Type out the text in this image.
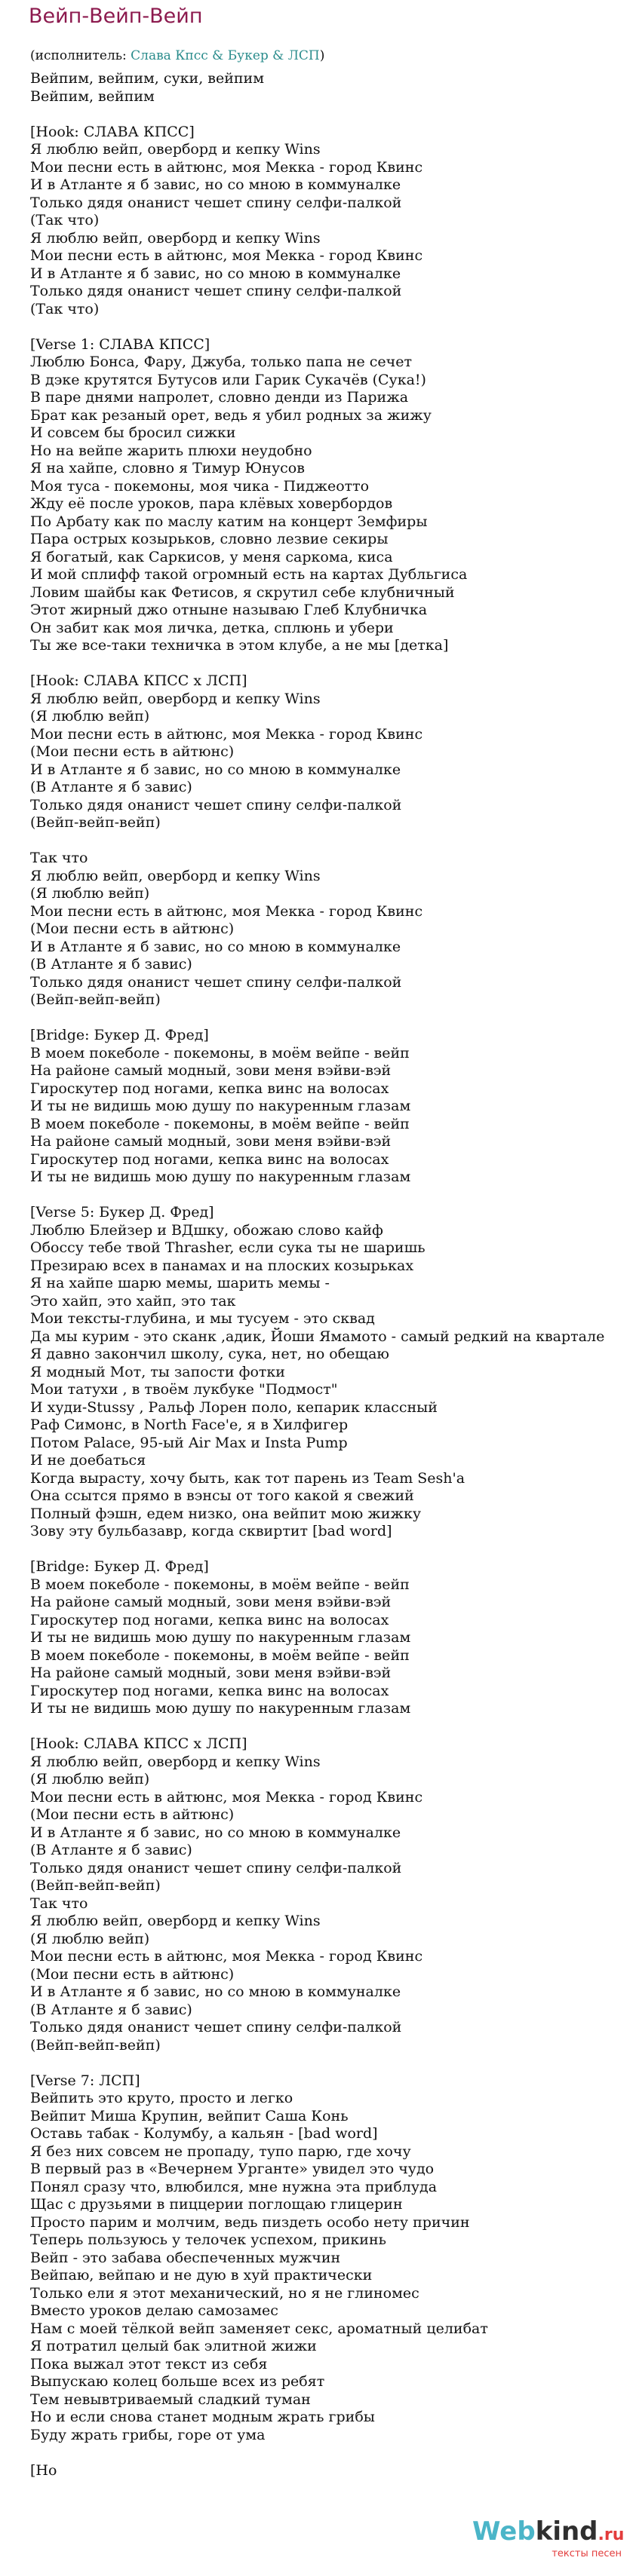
Вейп-Вейп-Вейп
(исполнитель: Слава Кпсс & Букер & ЛСП)
Вейпим, вейпим, суки, вейпим
Вейпим, вейпим
[Hook: СЛАВА КПСС]
Я люблю вейп, оверборд и кепку Wins
Мои песни есть в айтюнс, моя Мекка - город Квинс
И в Атланте я б завис, но со мною в коммуналке
Только дядя онанист чешет спину селфи-палкой
(Так что)
Я люблю вейп, оверборд и кепку Wins
Мои песни есть в айтюнс, моя Мекка - город Квинс
И в Атланте я б завис, но со мною в коммуналке
Только дядя онанист чешет спину селфи-палкой
(Так что)
[Verse 1: СЛАВА КПСС]
Люблю Бонса, Фару, Джуба, только папа не сечет
В дэке крутятся Бутусов или Гарик Сукачёв (Сука!)
В паре днями напролет, словно денди из Парижа
Брат как резаный орет, ведь я убил родных за жижу
И совсем бы бросил сижки
Но на вейпе жарить плюхи неудобно
Я на хайпе, словно я Тимур Юнусов
Моя туса - покемоны, моя чика - Пиджеотто
Жду её после уроков, пара клёвых ховербордов
По Арбату как по маслу катим на концерт Земфиры
Пара острых козырьков, словно лезвие секиры
Я богатый, как Саркисов, у меня саркома, киса
И мой сплифф такой огромный есть на картах Дубльгиса
Ловим шайбы как Фетисов, я скрутил себе клубничный
Этот жирный джо отныне называю Глеб Клубничка
Он забит как моя личка, детка, сплюнь и убери
Ты же все-таки техничка в этом клубе, а не мы [детка]
[Hook: СЛАВА КПСС x ЛСП]
Я люблю вейп, оверборд и кепку Wins
(Я люблю вейп)
Мои песни есть в айтюнс, моя Мекка - город Квинс
(Мои песни есть в айтюнс)
И в Атланте я б завис, но со мною в коммуналке
(В Атланте я б завис)
Только дядя онанист чешет спину селфи-палкой
(Вейп-вейп-вейп)
Так что
Я люблю вейп, оверборд и кепку Wins
(Я люблю вейп)
Мои песни есть в айтюнс, моя Мекка - город Квинс
(Мои песни есть в айтюнс)
И в Атланте я б завис, но со мною в коммуналке
(В Атланте я б завис)
Только дядя онанист чешет спину селфи-палкой
(Вейп-вейп-вейп)
[Bridge: Букер Д. Фред]
В моем покеболе - покемоны, в моём вейпе - вейп
На районе самый модный, зови меня вэйви-вэй
Гироскутер под ногами, кепка винс на волосах
И ты не видишь мою душу по накуренным глазам
В моем покеболе - покемоны, в моём вейпе - вейп
На районе самый модный, зови меня вэйви-вэй
Гироскутер под ногами, кепка винс на волосах
И ты не видишь мою душу по накуренным глазам
[Verse 5: Букер Д. Фред]
Люблю Блейзер и ВДшку, обожаю слово кайф
Обоссу тебе твой Thrasher, если сука ты не шаришь
Презираю всех в панамах и на плоских козырьках
Я на хайпе шарю мемы, шарить мемы -
Это хайп, это хайп, это так
Мои тексты-глубина, и мы тусуем - это сквад
Да мы курим - это сканк ,адик, Йоши Ямамото - самый редкий на квартале
Я давно закончил школу, сука, нет, но обещаю
Я модный Мот, ты запости фотки
Мои татухи , в твоём лукбуке "Подмост"
И худи-Stussy , Ральф Лорен поло, кепарик классный
Раф Симонс, в North Face'e, я в Хилфигер
Потом Palace, 95-ый Air Max и Insta Pump
И не доебаться
Когда вырасту, хочу быть, как тот парень из Team Sesh'a
Она ссытся прямо в вэнсы от того какой я свежий
Полный фэшн, едем низко, она вейпит мою жижку
Зову эту бульбазавр, когда сквиртит [bad word]
[Bridge: Букер Д. Фред]
В моем покеболе - покемоны, в моём вейпе - вейп
На районе самый модный, зови меня вэйви-вэй
Гироскутер под ногами, кепка винс на волосах
И ты не видишь мою душу по накуренным глазам
В моем покеболе - покемоны, в моём вейпе - вейп
На районе самый модный, зови меня вэйви-вэй
Гироскутер под ногами, кепка винс на волосах
И ты не видишь мою душу по накуренным глазам
[Hook: СЛАВА КПСС x ЛСП]
Я люблю вейп, оверборд и кепку Wins
(Я люблю вейп)
Мои песни есть в айтюнс, моя Мекка - город Квинс
(Мои песни есть в айтюнс)
И в Атланте я б завис, но со мною в коммуналке
(В Атланте я б завис)
Только дядя онанист чешет спину селфи-палкой
(Вейп-вейп-вейп)
Так что
Я люблю вейп, оверборд и кепку Wins
(Я люблю вейп)
Мои песни есть в айтюнс, моя Мекка - город Квинс
(Мои песни есть в айтюнс)
И в Атланте я б завис, но со мною в коммуналке
(В Атланте я б завис)
Только дядя онанист чешет спину селфи-палкой
(Вейп-вейп-вейп)
[Verse 7: ЛСП]
Вейпить это круто, просто и легко
Вейпит Миша Крупин, вейпит Саша Конь
Оставь табак - Колумбу, а кальян - [bad word]
Я без них совсем не пропаду, тупо парю, где хочу
В первый раз в «Вечернем Урганте» увидел это чудо
Понял сразу что, влюбился, мне нужна эта приблуда
Щас с друзьями в пиццерии поглощаю глицерин
Просто парим и молчим, ведь пиздеть особо нету причин
Теперь пользуюсь у телочек успехом, прикинь
Вейп - это забава обеспеченных мужчин
Вейпаю, вейпаю и не дую в хуй практически
Только ели я этот механический, но я не глиномес
Вместо уроков делаю самозамес
Нам с моей тёлкой вейп заменяет секс, ароматный целибат
Я потратил целый бак элитной жижи
Пока выжал этот текст из себя
Выпускаю колец больше всех из ребят
Тем невывтриваемый сладкий туман
Но и если снова станет модным жрать грибы
Буду жрать грибы, горе от ума
[Но
Webkind.ru
тексты песен
